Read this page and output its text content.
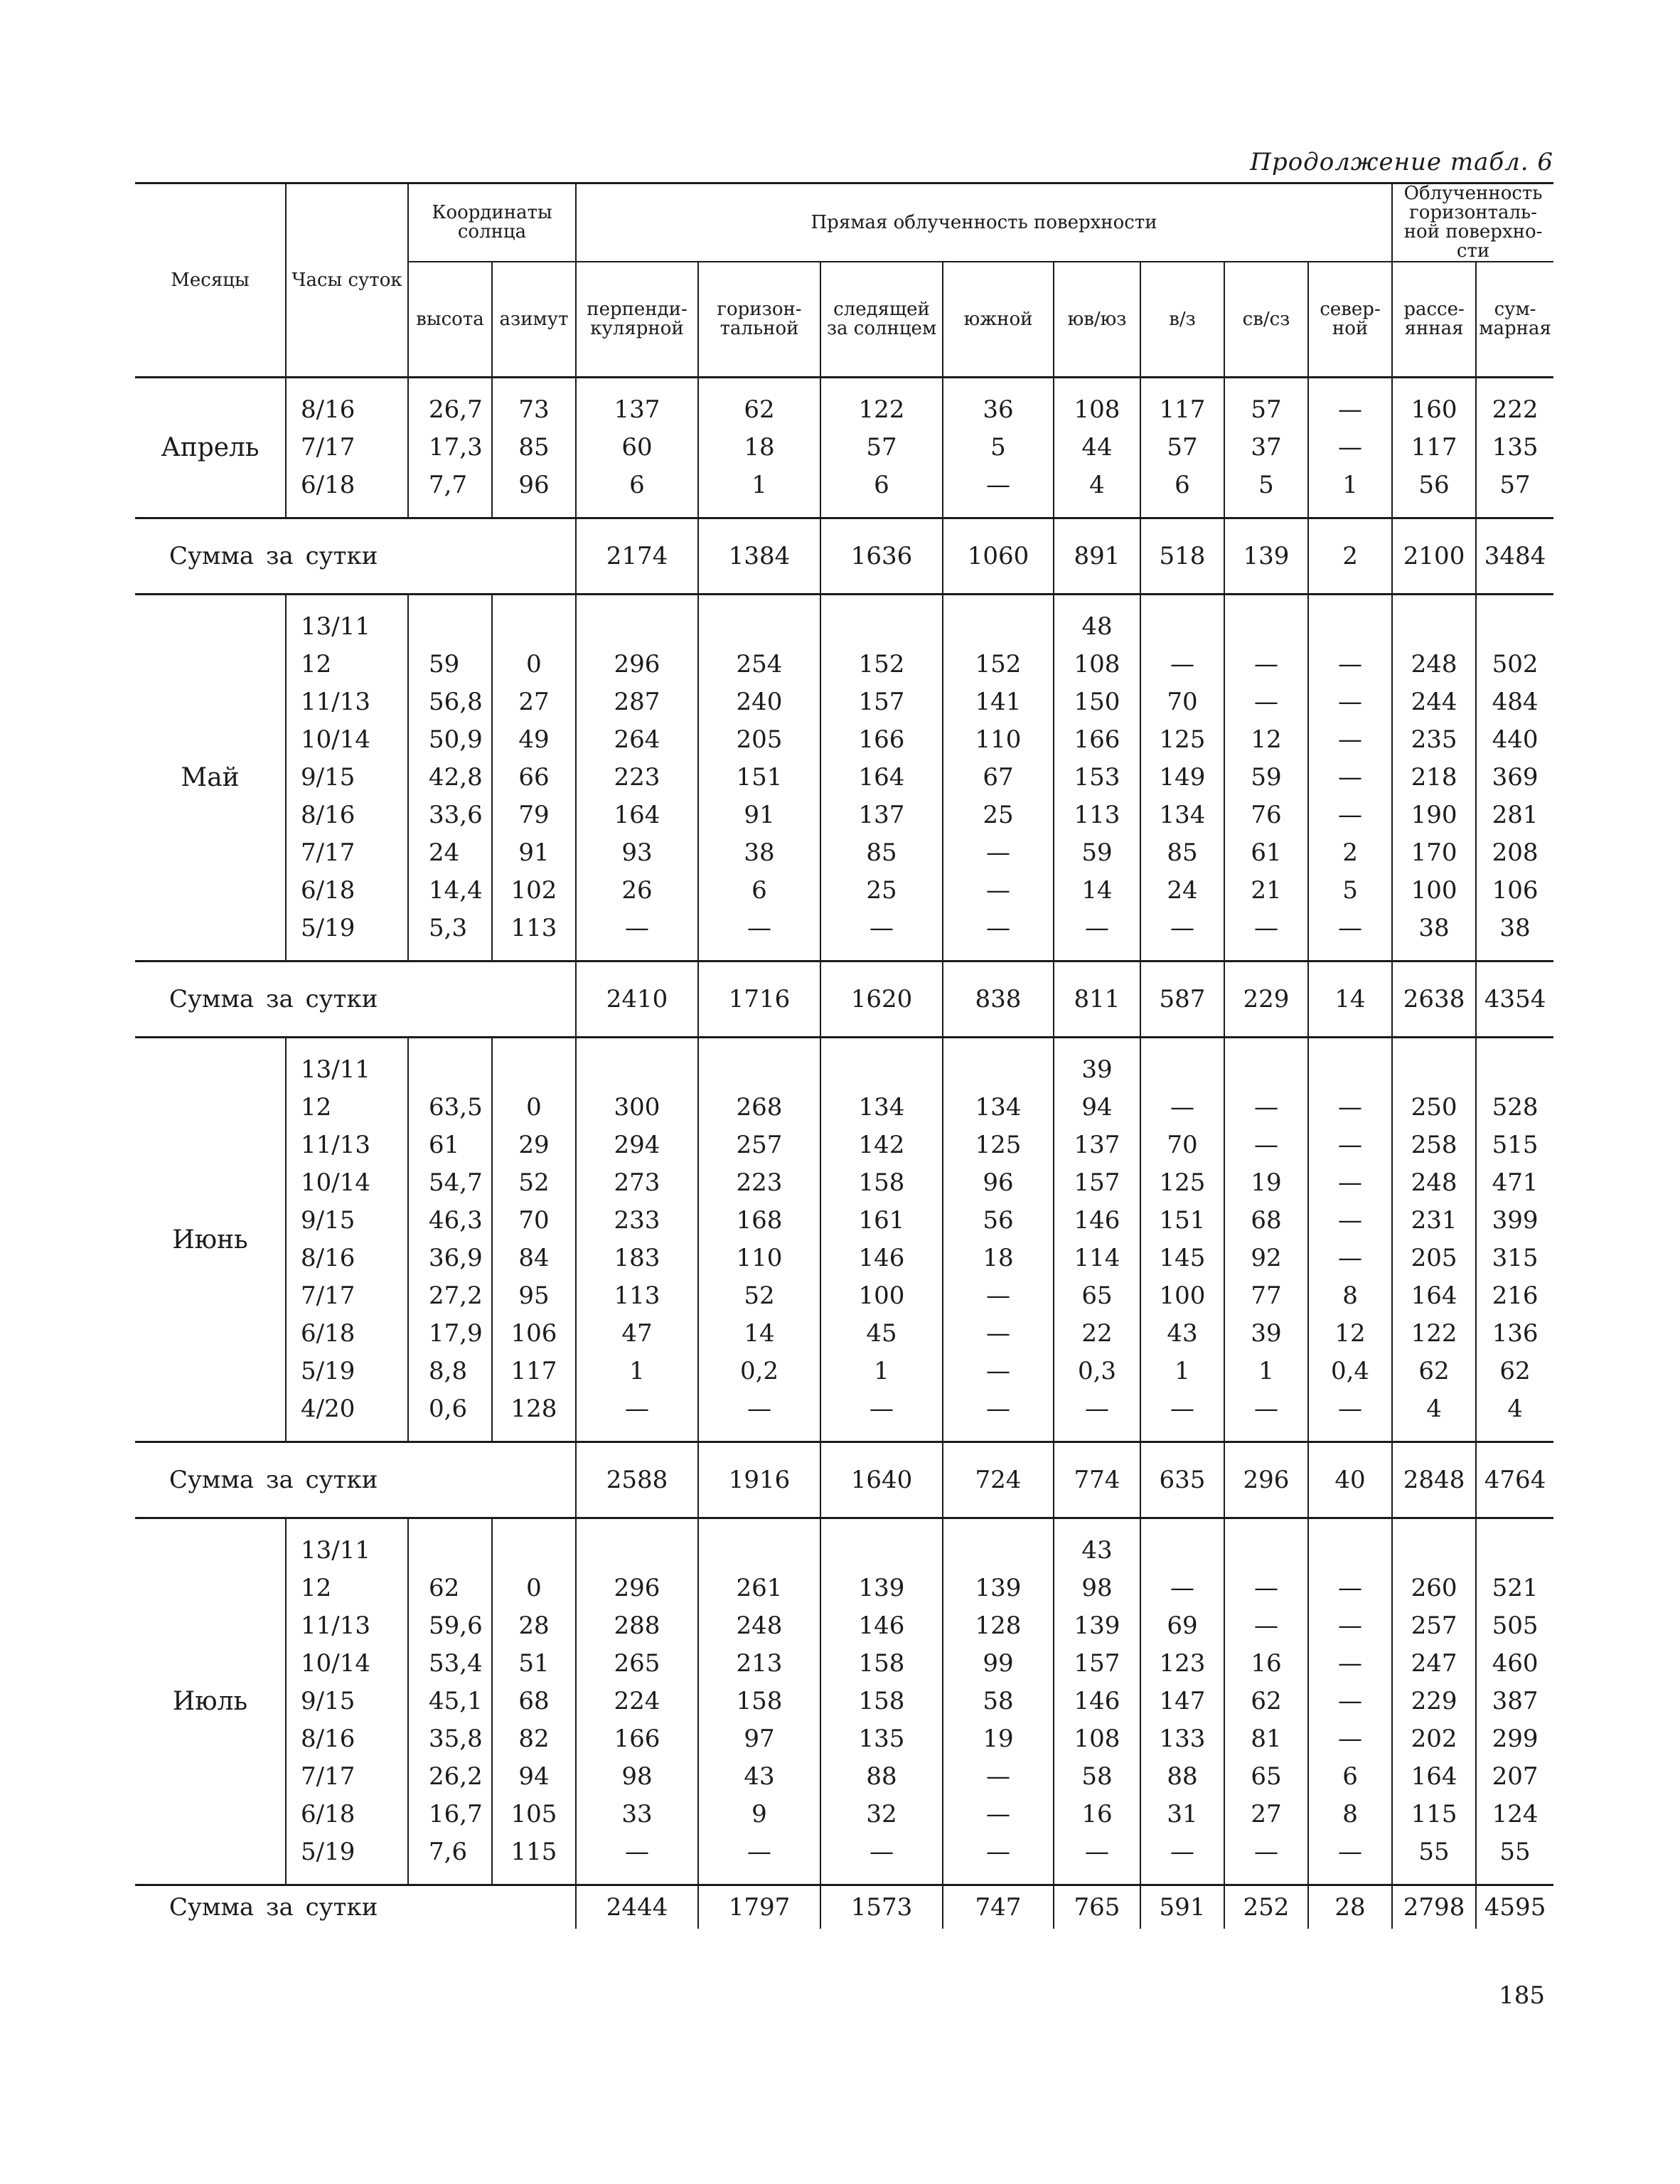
Продолжение табл. 6
Месяцы	Часы суток	Координаты солнца		Прямая облученность поверхности								Облученность горизонталь- ной поверхно- сти	
		высота	азимут	перпенди- кулярной	горизон- тальной	следящей за солнцем	южной	юв/юз	в/з	св/сз	север- ной	рассе- янная	сум- марная

Апрель	8/16	26,7	73	137	62	122	36	108	117	57	—	160	222
	7/17	17,3	85	60	18	57	5	44	57	37	—	117	135
	6/18	7,7	96	6	1	6	—	4	6	5	1	56	57

Сумма за сутки				2174	1384	1636	1060	891	518	139	2	2100	3484

Май	13/11							48					
	12	59	0	296	254	152	152	108	—	—	—	248	502
	11/13	56,8	27	287	240	157	141	150	70	—	—	244	484
	10/14	50,9	49	264	205	166	110	166	125	12	—	235	440
	9/15	42,8	66	223	151	164	67	153	149	59	—	218	369
	8/16	33,6	79	164	91	137	25	113	134	76	—	190	281
	7/17	24	91	93	38	85	—	59	85	61	2	170	208
	6/18	14,4	102	26	6	25	—	14	24	21	5	100	106
	5/19	5,3	113	—	—	—	—	—	—	—	—	38	38

Сумма за сутки				2410	1716	1620	838	811	587	229	14	2638	4354

Июнь	13/11							39					
	12	63,5	0	300	268	134	134	94	—	—	—	250	528
	11/13	61	29	294	257	142	125	137	70	—	—	258	515
	10/14	54,7	52	273	223	158	96	157	125	19	—	248	471
	9/15	46,3	70	233	168	161	56	146	151	68	—	231	399
	8/16	36,9	84	183	110	146	18	114	145	92	—	205	315
	7/17	27,2	95	113	52	100	—	65	100	77	8	164	216
	6/18	17,9	106	47	14	45	—	22	43	39	12	122	136
	5/19	8,8	117	1	0,2	1	—	0,3	1	1	0,4	62	62
	4/20	0,6	128	—	—	—	—	—	—	—	—	4	4

Сумма за сутки				2588	1916	1640	724	774	635	296	40	2848	4764

Июль	13/11							43					
	12	62	0	296	261	139	139	98	—	—	—	260	521
	11/13	59,6	28	288	248	146	128	139	69	—	—	257	505
	10/14	53,4	51	265	213	158	99	157	123	16	—	247	460
	9/15	45,1	68	224	158	158	58	146	147	62	—	229	387
	8/16	35,8	82	166	97	135	19	108	133	81	—	202	299
	7/17	26,2	94	98	43	88	—	58	88	65	6	164	207
	6/18	16,7	105	33	9	32	—	16	31	27	8	115	124
	5/19	7,6	115	—	—	—	—	—	—	—	—	55	55

Сумма за сутки				2444	1797	1573	747	765	591	252	28	2798	4595
185
